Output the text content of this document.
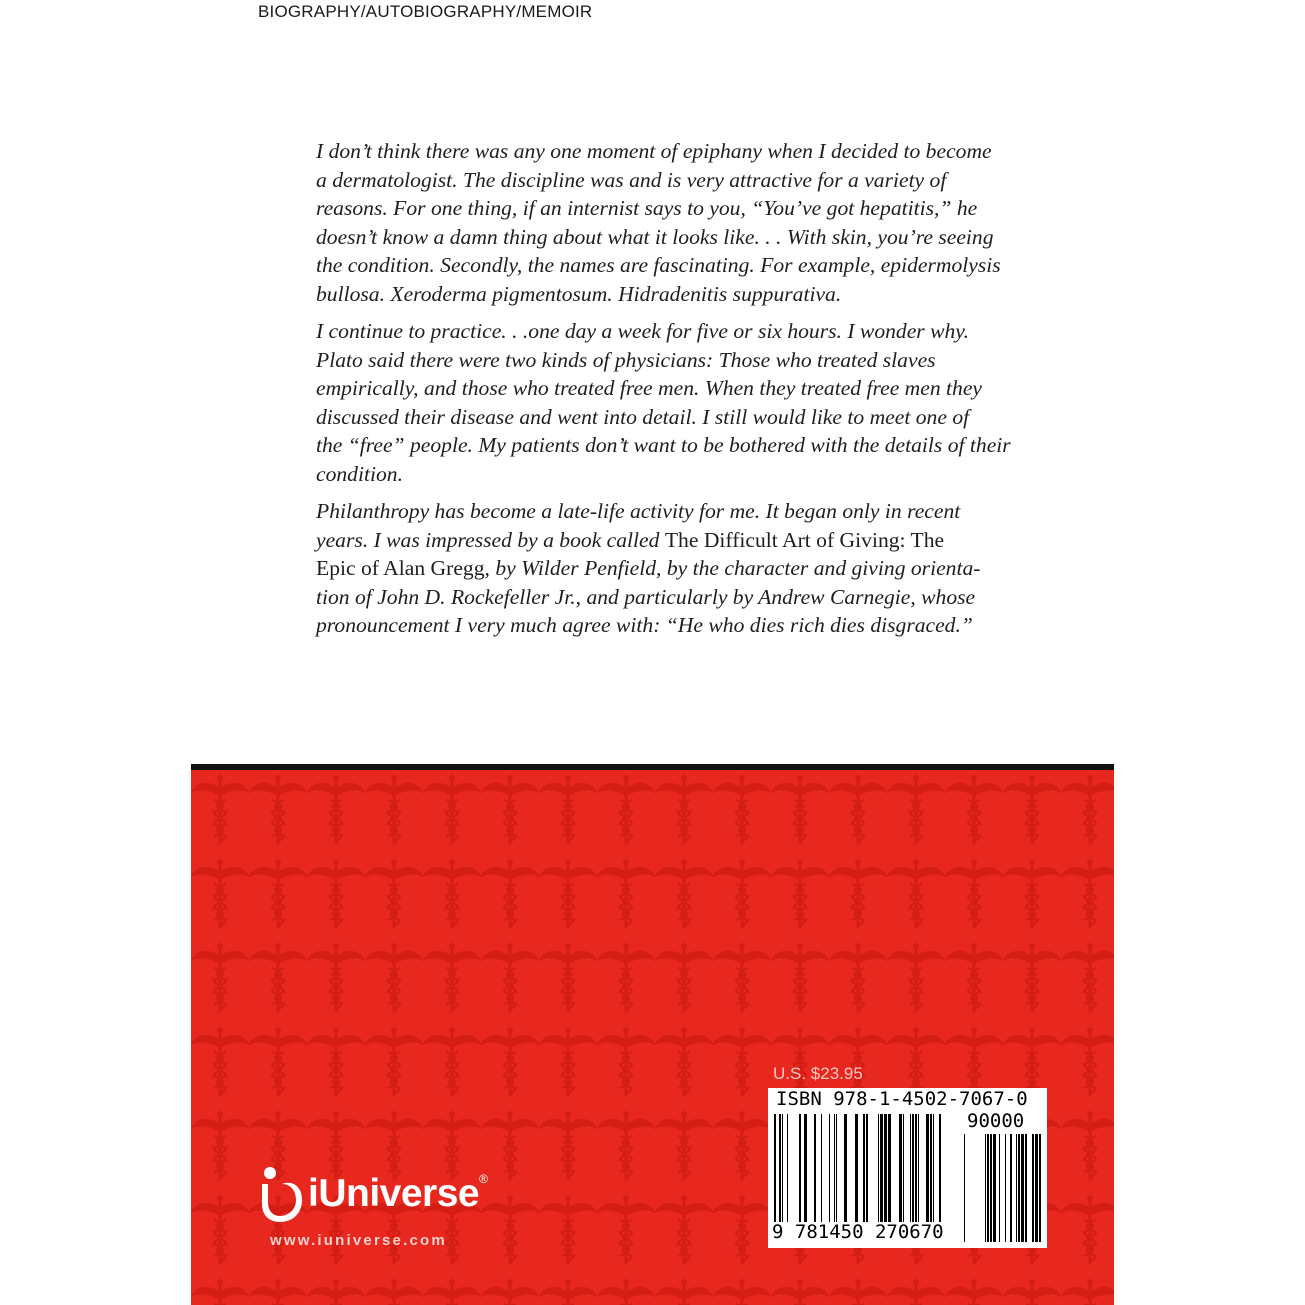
BIOGRAPHY/AUTOBIOGRAPHY/MEMOIR

I don’t think there was any one moment of epiphany when I decided to become
a dermatologist. The discipline was and is very attractive for a variety of
reasons. For one thing, if an internist says to you, “You’ve got hepatitis,” he
doesn’t know a damn thing about what it looks like. . . With skin, you’re seeing
the condition. Secondly, the names are fascinating. For example, epidermolysis
bullosa. Xeroderma pigmentosum. Hidradenitis suppurativa.

I continue to practice. . .one day a week for five or six hours. I wonder why.
Plato said there were two kinds of physicians: Those who treated slaves
empirically, and those who treated free men. When they treated free men they
discussed their disease and went into detail. I still would like to meet one of
the “free” people. My patients don’t want to be bothered with the details of their
condition.

Philanthropy has become a late-life activity for me. It began only in recent
years. I was impressed by a book called The Difficult Art of Giving: The
Epic of Alan Gregg, by Wilder Penfield, by the character and giving orienta-
tion of John D. Rockefeller Jr., and particularly by Andrew Carnegie, whose
pronouncement I very much agree with: “He who dies rich dies disgraced.”

U.S. $23.95
ISBN 978-1-4502-7067-0
90000
9 781450 270670
iUniverse®
www.iuniverse.com
